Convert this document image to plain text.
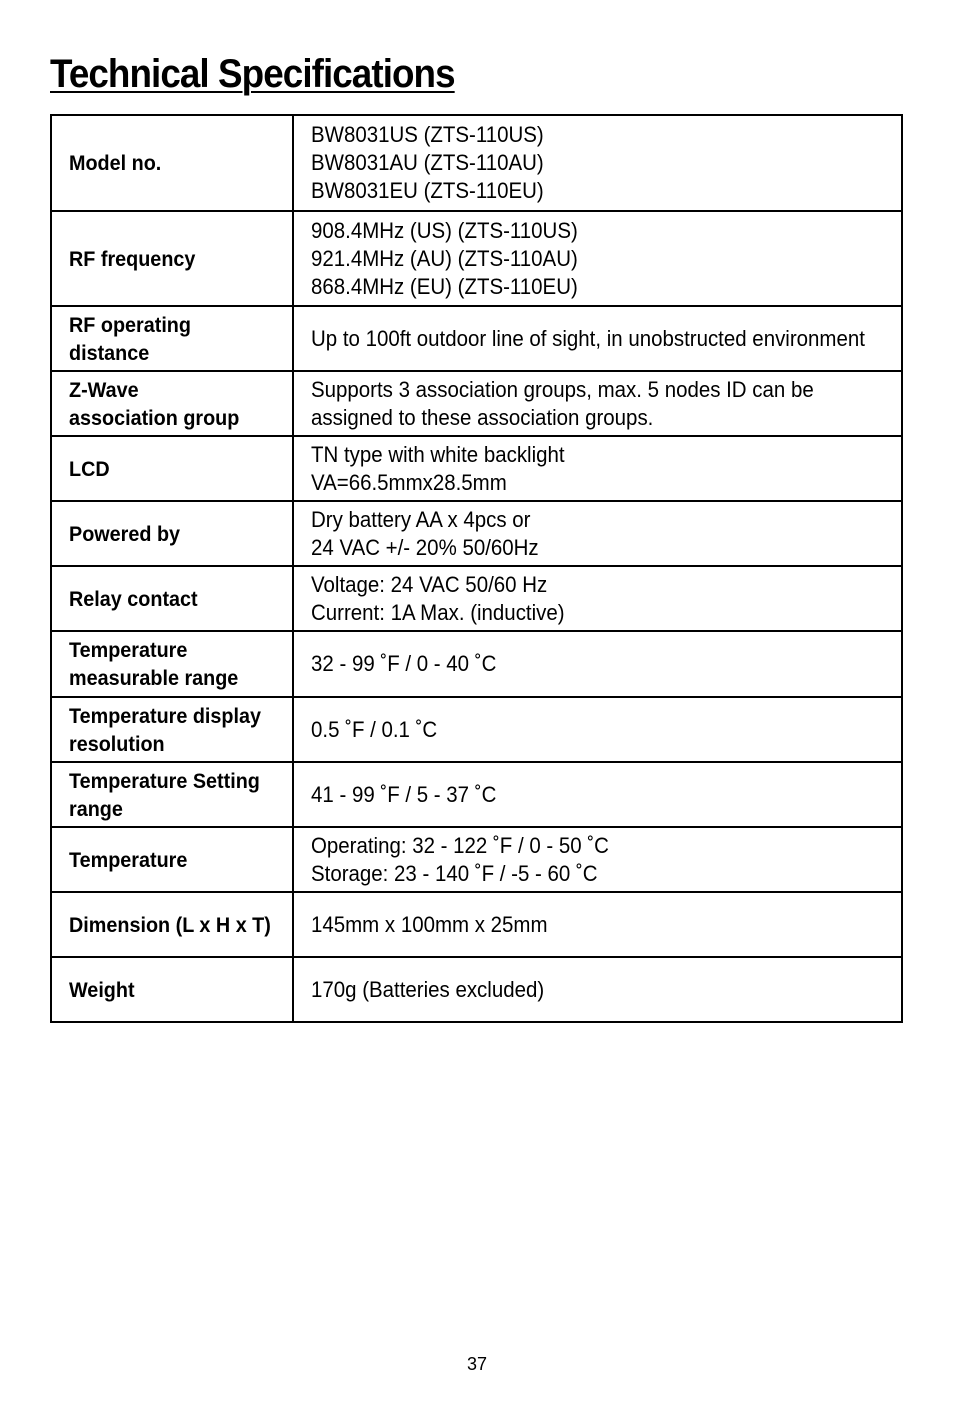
Technical Specifications
Model no.	BW8031US (ZTS-110US)
BW8031AU (ZTS-110AU)
BW8031EU (ZTS-110EU)

RF frequency	908.4MHz (US) (ZTS-110US)
921.4MHz (AU) (ZTS-110AU)
868.4MHz (EU) (ZTS-110EU)

RF operating
distance	Up to 100ft outdoor line of sight, in unobstructed environment

Z-Wave
association group	Supports 3 association groups, max. 5 nodes ID can be
assigned to these association groups.

LCD	TN type with white backlight
VA=66.5mmx28.5mm

Powered by	Dry battery AA x 4pcs or
24 VAC +/- 20% 50/60Hz

Relay contact	Voltage: 24 VAC 50/60 Hz
Current: 1A Max. (inductive)

Temperature
measurable range	32 - 99 ˚F / 0 - 40 ˚C

Temperature display
resolution	0.5 ˚F / 0.1 ˚C

Temperature Setting
range	41 - 99 ˚F / 5 - 37 ˚C

Temperature	Operating: 32 - 122 ˚F / 0 - 50 ˚C
Storage: 23 - 140 ˚F / -5 - 60 ˚C

Dimension (L x H x T)	145mm x 100mm x 25mm

Weight	170g (Batteries excluded)
37
